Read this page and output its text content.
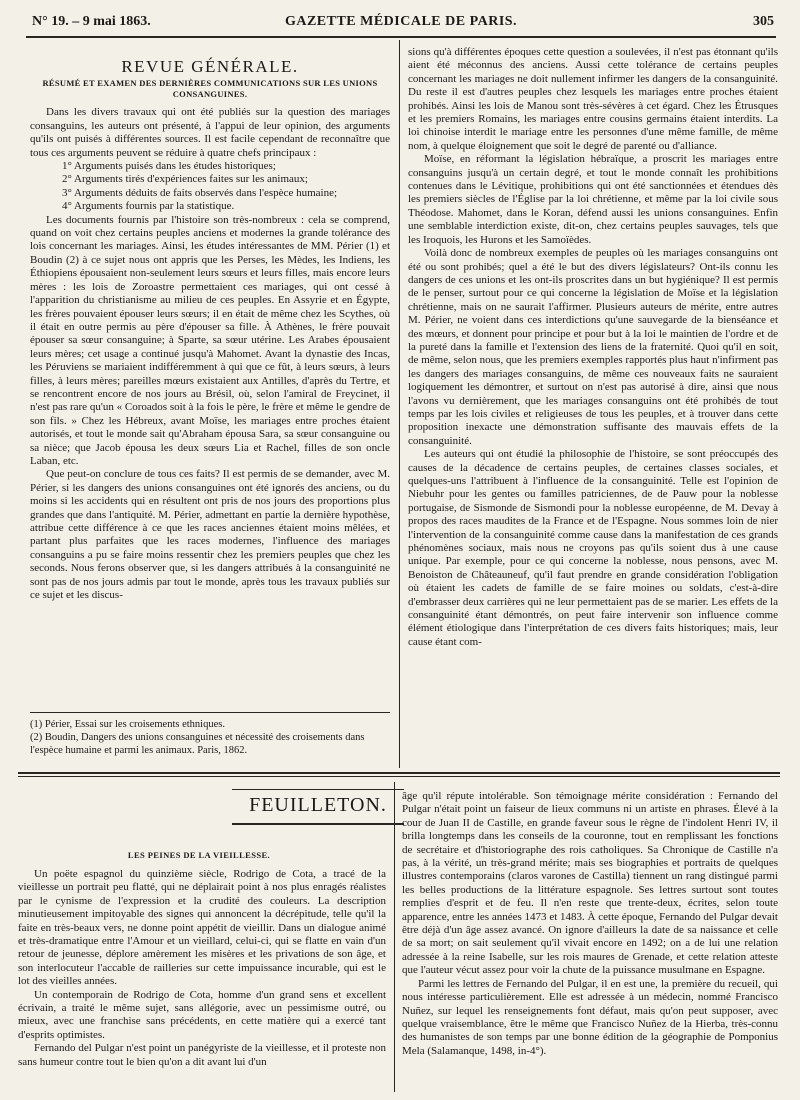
N° 19. – 9 mai 1863.	GAZETTE MÉDICALE DE PARIS.	305
REVUE GÉNÉRALE.
RÉSUMÉ ET EXAMEN DES DERNIÈRES COMMUNICATIONS SUR LES UNIONS CONSANGUINES.

Dans les divers travaux qui ont été publiés sur la question des mariages consanguins, les auteurs ont présenté, à l'appui de leur opinion, des arguments qu'ils ont puisés à différentes sources. Il est facile cependant de reconnaître que tous ces arguments peuvent se réduire à quatre chefs principaux :

1° Arguments puisés dans les études historiques;

2° Arguments tirés d'expériences faites sur les animaux;

3° Arguments déduits de faits observés dans l'espèce humaine;

4° Arguments fournis par la statistique.

Les documents fournis par l'histoire son très-nombreux : cela se comprend, quand on voit chez certains peuples anciens et modernes la grande tolérance des lois concernant les mariages. Ainsi, les études intéressantes de MM. Périer (1) et Boudin (2) à ce sujet nous ont appris que les Perses, les Mèdes, les Indiens, les Éthiopiens épousaient non-seulement leurs sœurs et leurs filles, mais encore leurs mères : les lois de Zoroastre permettaient ces mariages, qui ont cessé à l'apparition du christianisme au milieu de ces peuples. En Assyrie et en Égypte, les frères pouvaient épouser leurs sœurs; il en était de même chez les Scythes, où il était en outre permis au père d'épouser sa fille. À Athènes, le frère pouvait épouser sa sœur consanguine; à Sparte, sa sœur utérine. Les Arabes épousaient leurs mères; cet usage a continué jusqu'à Mahomet. Avant la dynastie des Incas, les Péruviens se mariaient indifféremment à qui que ce fût, à leurs sœurs, à leurs filles, à leurs mères; pareilles mœurs existaient aux Antilles, d'après du Tertre, et se rencontrent encore de nos jours au Brésil, où, selon l'amiral de Freycinet, il n'est pas rare qu'un « Coroados soit à la fois le père, le frère et même le gendre de son fils. » Chez les Hébreux, avant Moïse, les mariages entre proches étaient autorisés, et tout le monde sait qu'Abraham épousa Sara, sa sœur consanguine ou sa nièce; que Jacob épousa les deux sœurs Lia et Rachel, filles de son oncle Laban, etc.

Que peut-on conclure de tous ces faits? Il est permis de se demander, avec M. Périer, si les dangers des unions consanguines ont été ignorés des anciens, ou du moins si les accidents qui en résultent ont pris de nos jours des proportions plus grandes que dans l'antiquité. M. Périer, admettant en partie la dernière hypothèse, attribue cette différence à ce que les races anciennes étaient moins mêlées, et partant plus parfaites que les races modernes, l'influence des mariages consanguins a pu se faire moins ressentir chez les premiers peuples que chez les seconds. Nous ferons observer que, si les dangers attribués à la consanguinité ne sont pas de nos jours admis par tout le monde, après tous les travaux publiés sur ce sujet et les discus-

(1) Périer, Essai sur les croisements ethniques.
(2) Boudin, Dangers des unions consanguines et nécessité des croisements dans l'espèce humaine et parmi les animaux. Paris, 1862.

sions qu'à différentes époques cette question a soulevées, il n'est pas étonnant qu'ils aient été méconnus des anciens. Aussi cette tolérance de certains peuples concernant les mariages ne doit nullement infirmer les dangers de la consanguinité. Du reste il est d'autres peuples chez lesquels les mariages entre proches étaient prohibés. Ainsi les lois de Manou sont très-sévères à cet égard. Chez les Étrusques et les premiers Romains, les mariages entre cousins germains étaient interdits. La loi chinoise interdit le mariage entre les personnes d'une même famille, de même nom, à quelque éloignement que soit le degré de parenté ou d'alliance.

Moïse, en réformant la législation hébraïque, a proscrit les mariages entre consanguins jusqu'à un certain degré, et tout le monde connaît les prohibitions contenues dans le Lévitique, prohibitions qui ont été sanctionnées et étendues dès les premiers siècles de l'Église par la loi chrétienne, et même par la loi civile sous Théodose. Mahomet, dans le Koran, défend aussi les unions consanguines. Enfin une semblable interdiction existe, dit-on, chez certains peuples sauvages, tels que les Iroquois, les Hurons et les Samoïèdes.

Voilà donc de nombreux exemples de peuples où les mariages consanguins ont été ou sont prohibés; quel a été le but des divers législateurs? Ont-ils connu les dangers de ces unions et les ont-ils proscrites dans un but hygiénique? Il est permis de le penser, surtout pour ce qui concerne la législation de Moïse et la législation chrétienne, mais on ne saurait l'affirmer. Plusieurs auteurs de mérite, entre autres M. Périer, ne voient dans ces interdictions qu'une sauvegarde de la bienséance et des mœurs, et donnent pour principe et pour but à la loi le maintien de l'ordre et de la pureté dans la famille et l'extension des liens de la fraternité. Quoi qu'il en soit, de même, selon nous, que les premiers exemples rapportés plus haut n'infirment pas les dangers des mariages consanguins, de même ces nouveaux faits ne sauraient logiquement les démontrer, et surtout on n'est pas autorisé à dire, ainsi que nous l'avons vu dernièrement, que les mariages consanguins ont été prohibés de tout temps par les lois civiles et religieuses de tous les peuples, et à trouver dans cette proposition inexacte une démonstration suffisante des mauvais effets de la consanguinité.

Les auteurs qui ont étudié la philosophie de l'histoire, se sont préoccupés des causes de la décadence de certains peuples, de certaines classes sociales, et quelques-uns l'attribuent à l'influence de la consanguinité. Telle est l'opinion de Niebuhr pour les gentes ou familles patriciennes, de de Pauw pour la noblesse portugaise, de Sismonde de Sismondi pour la noblesse européenne, de M. Devay à propos des races maudites de la France et de l'Espagne. Nous sommes loin de nier l'intervention de la consanguinité comme cause dans la manifestation de ces grands phénomènes sociaux, mais nous ne croyons pas qu'ils soient dus à une cause unique. Par exemple, pour ce qui concerne la noblesse, nous pensons, avec M. Benoiston de Châteauneuf, qu'il faut prendre en grande considération l'obligation où étaient les cadets de famille de se faire moines ou soldats, c'est-à-dire d'embrasser deux carrières qui ne leur permettaient pas de se marier. Les effets de la consanguinité étant démontrés, on peut faire intervenir son influence comme élément étiologique dans l'interprétation de ces divers faits historiques; mais, leur cause étant com-

FEUILLETON.
LES PEINES DE LA VIEILLESSE.

Un poëte espagnol du quinzième siècle, Rodrigo de Cota, a tracé de la vieillesse un portrait peu flatté, qui ne déplairait point à nos plus enragés réalistes par le cynisme de l'expression et la crudité des couleurs. La description minutieusement impitoyable des signes qui annoncent la décrépitude, telle qu'il la faite en très-beaux vers, ne donne point appétit de vieillir. Dans un dialogue animé et très-dramatique entre l'Amour et un vieillard, celui-ci, qui se flatte en vain d'un retour de jeunesse, déplore amèrement les misères et les privations de son âge, et son interlocuteur l'accable de railleries sur cette impuissance incurable, qui est le lot des vieilles années.

Un contemporain de Rodrigo de Cota, homme d'un grand sens et excellent écrivain, a traité le même sujet, sans allégorie, avec un pessimisme outré, ou mieux, avec une franchise sans précédents, en cette matière qui a exercé tant d'esprits optimistes.

Fernando del Pulgar n'est point un panégyriste de la vieillesse, et il proteste non sans humeur contre tout le bien qu'on a dit avant lui d'un

âge qu'il répute intolérable. Son témoignage mérite considération : Fernando del Pulgar n'était point un faiseur de lieux communs ni un artiste en phrases. Élevé à la cour de Juan II de Castille, en grande faveur sous le règne de l'indolent Henri IV, il brilla longtemps dans les conseils de la couronne, tout en remplissant les fonctions de secrétaire et d'historiographe des rois catholiques. Sa Chronique de Castille n'a pas, à la vérité, un très-grand mérite; mais ses biographies et portraits de quelques illustres contemporains (claros varones de Castilla) tiennent un rang distingué parmi les belles productions de la littérature espagnole. Ses lettres surtout sont toutes remplies d'esprit et de feu. Il n'en reste que trente-deux, écrites, selon toute apparence, entre les années 1473 et 1483. À cette époque, Fernando del Pulgar devait être déjà d'un âge assez avancé. On ignore d'ailleurs la date de sa naissance et celle de sa mort; on sait seulement qu'il vivait encore en 1492; on a de lui une relation adressée à la reine Isabelle, sur les rois maures de Grenade, et cette relation atteste que l'auteur vécut assez pour voir la chute de la puissance musulmane en Espagne.

Parmi les lettres de Fernando del Pulgar, il en est une, la première du recueil, qui nous intéresse particulièrement. Elle est adressée à un médecin, nommé Francisco Nuñez, sur lequel les renseignements font défaut, mais qu'on peut supposer, avec quelque vraisemblance, être le même que Francisco Nuñez de la Hierba, très-connu des humanistes de son temps par une bonne édition de la géographie de Pomponius Mela (Salamanque, 1498, in-4°).
